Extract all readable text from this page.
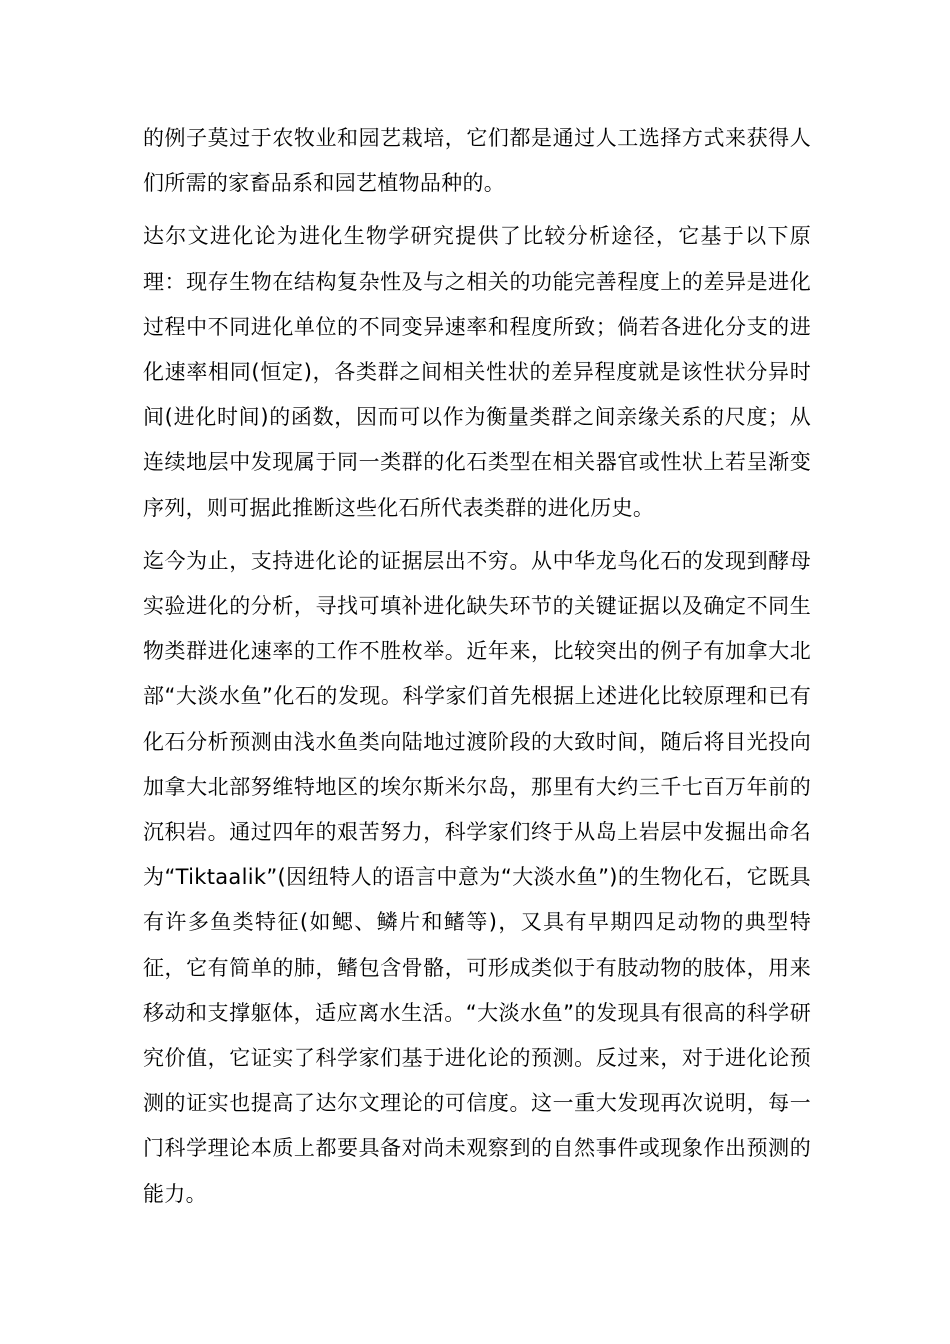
的例子莫过于农牧业和园艺栽培，它们都是通过人工选择方式来获得人们所需的家畜品系和园艺植物品种的。

达尔文进化论为进化生物学研究提供了比较分析途径，它基于以下原理：现存生物在结构复杂性及与之相关的功能完善程度上的差异是进化过程中不同进化单位的不同变异速率和程度所致；倘若各进化分支的进化速率相同(恒定)，各类群之间相关性状的差异程度就是该性状分异时间(进化时间)的函数，因而可以作为衡量类群之间亲缘关系的尺度；从连续地层中发现属于同一类群的化石类型在相关器官或性状上若呈渐变序列，则可据此推断这些化石所代表类群的进化历史。

迄今为止，支持进化论的证据层出不穷。从中华龙鸟化石的发现到酵母实验进化的分析，寻找可填补进化缺失环节的关键证据以及确定不同生物类群进化速率的工作不胜枚举。近年来，比较突出的例子有加拿大北部“大淡水鱼”化石的发现。科学家们首先根据上述进化比较原理和已有化石分析预测由浅水鱼类向陆地过渡阶段的大致时间，随后将目光投向加拿大北部努维特地区的埃尔斯米尔岛，那里有大约三千七百万年前的沉积岩。通过四年的艰苦努力，科学家们终于从岛上岩层中发掘出命名为“Tiktaalik”(因纽特人的语言中意为“大淡水鱼”)的生物化石，它既具有许多鱼类特征(如鳃、鳞片和鳍等)，又具有早期四足动物的典型特征，它有简单的肺，鳍包含骨骼，可形成类似于有肢动物的肢体，用来移动和支撑躯体，适应离水生活。“大淡水鱼”的发现具有很高的科学研究价值，它证实了科学家们基于进化论的预测。反过来，对于进化论预测的证实也提高了达尔文理论的可信度。这一重大发现再次说明，每一门科学理论本质上都要具备对尚未观察到的自然事件或现象作出预测的能力。
